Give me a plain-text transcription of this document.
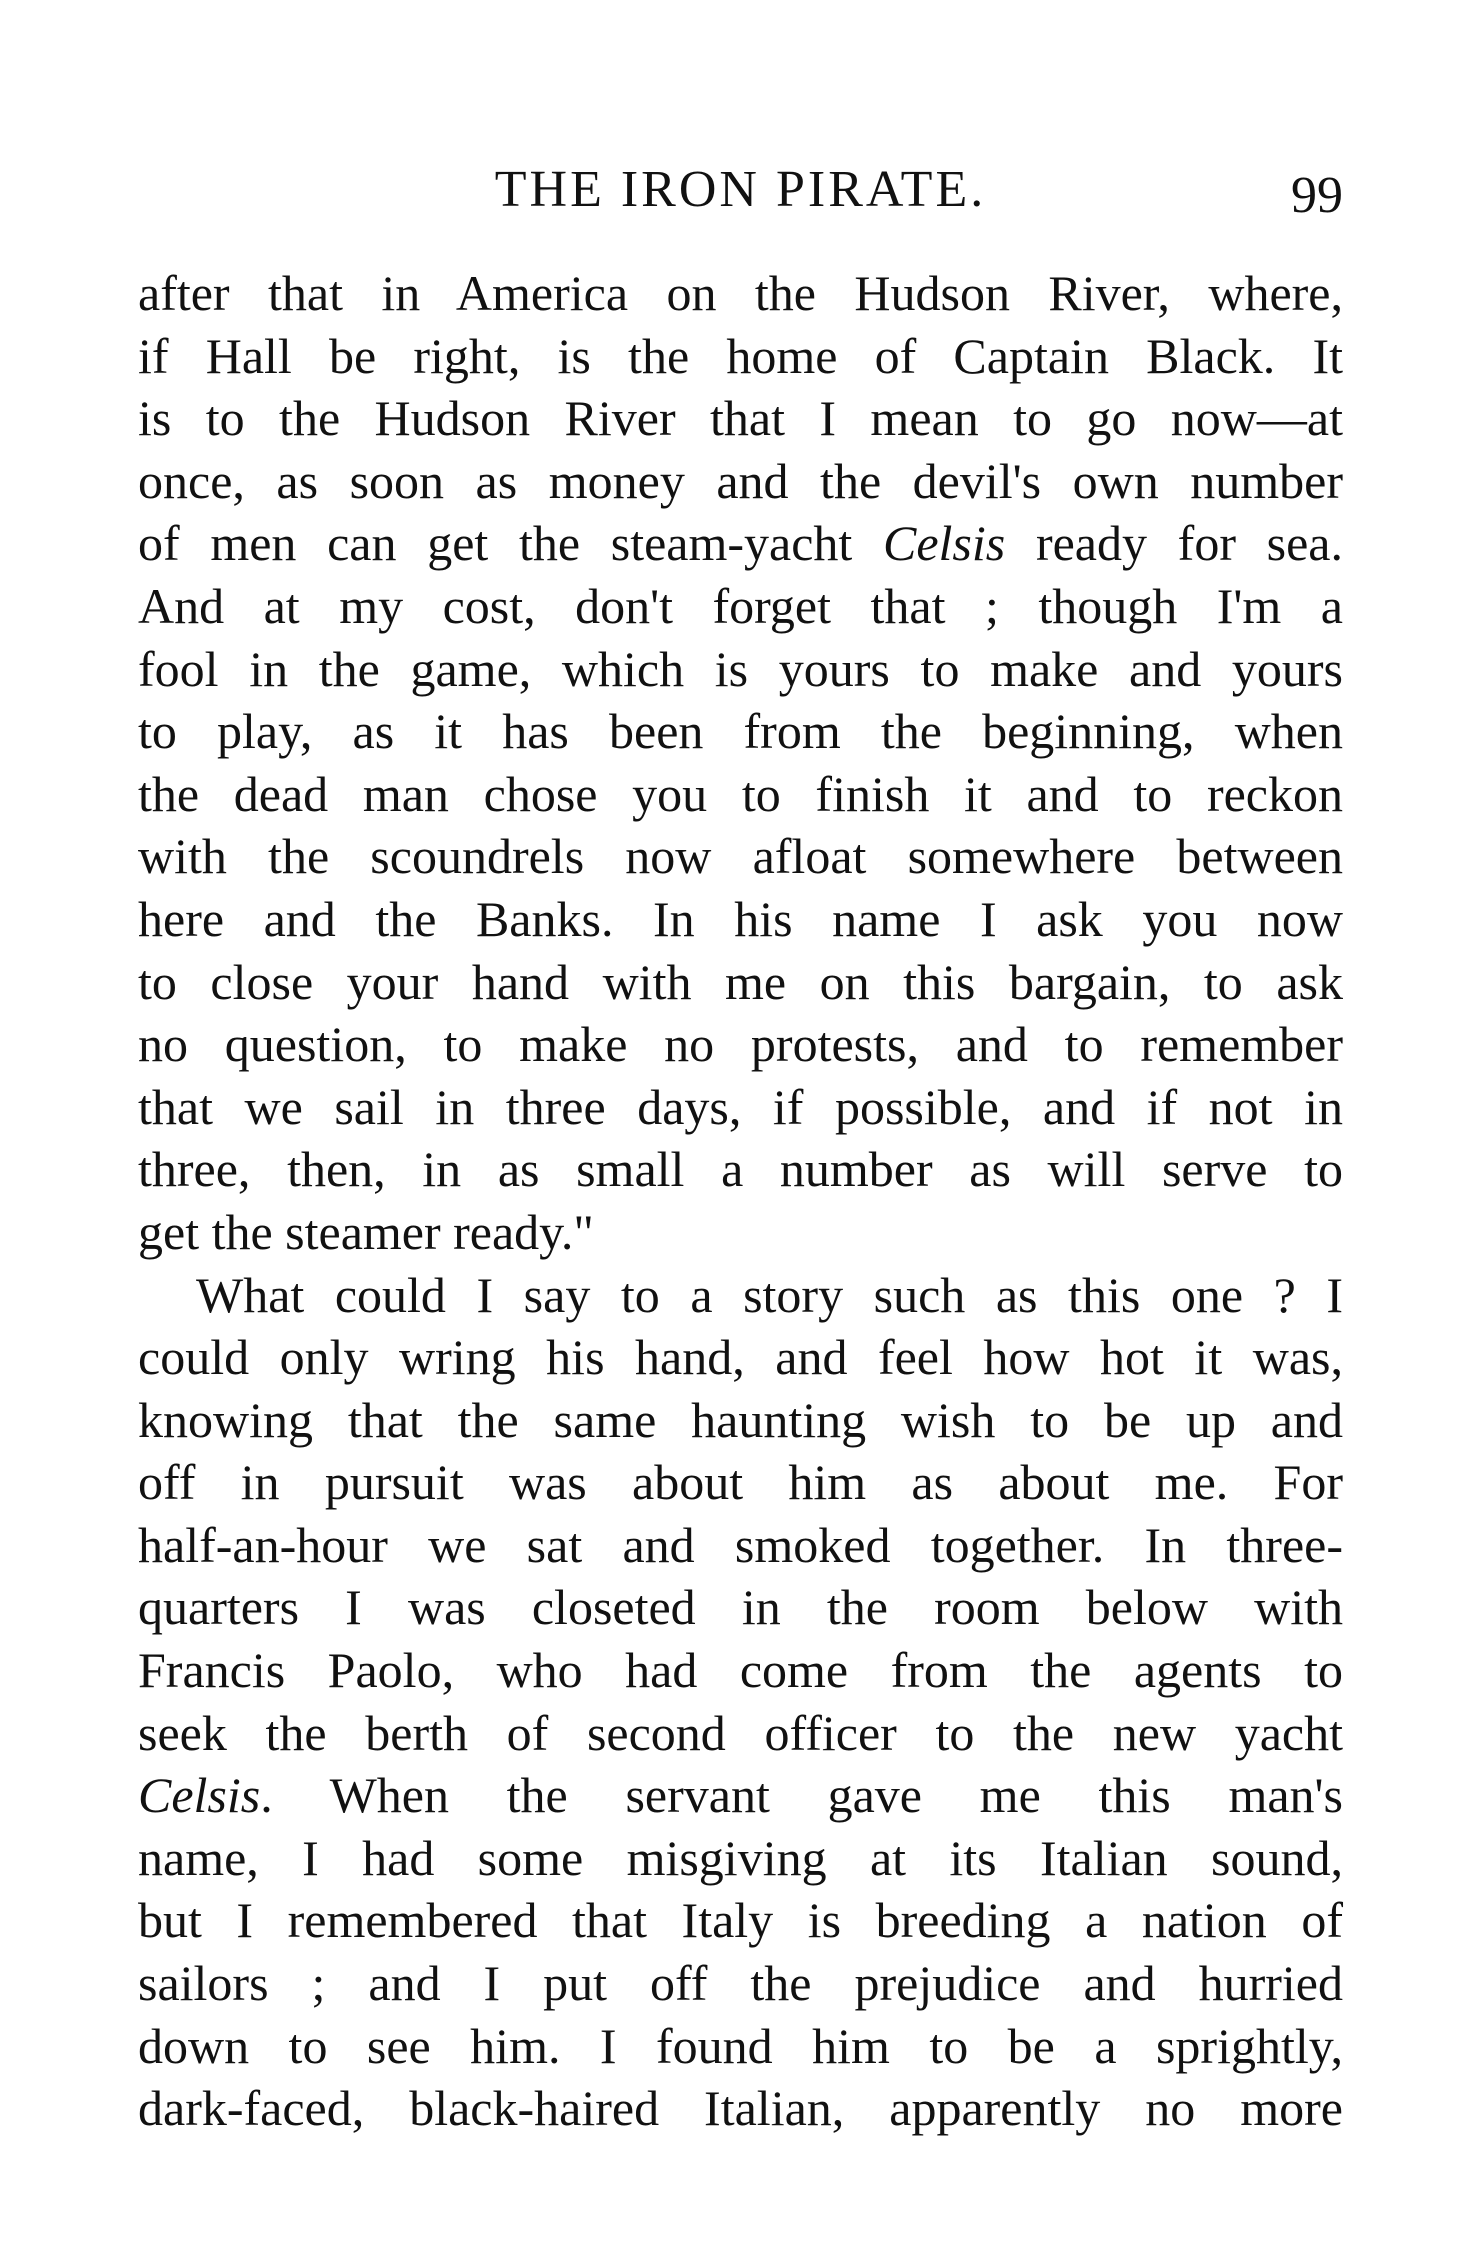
THE IRON PIRATE.	99
after that in America on the Hudson River, where,
if Hall be right, is the home of Captain Black. It
is to the Hudson River that I mean to go now—at
once, as soon as money and the devil's own number
of men can get the steam-yacht Celsis ready for sea.
And at my cost, don't forget that ; though I'm a
fool in the game, which is yours to make and yours
to play, as it has been from the beginning, when
the dead man chose you to finish it and to reckon
with the scoundrels now afloat somewhere between
here and the Banks. In his name I ask you now
to close your hand with me on this bargain, to ask
no question, to make no protests, and to remember
that we sail in three days, if possible, and if not in
three, then, in as small a number as will serve to
get the steamer ready."
What could I say to a story such as this one ? I
could only wring his hand, and feel how hot it was,
knowing that the same haunting wish to be up and
off in pursuit was about him as about me. For
half-an-hour we sat and smoked together. In three-
quarters I was closeted in the room below with
Francis Paolo, who had come from the agents to
seek the berth of second officer to the new yacht
Celsis. When the servant gave me this man's
name, I had some misgiving at its Italian sound,
but I remembered that Italy is breeding a nation of
sailors ; and I put off the prejudice and hurried
down to see him. I found him to be a sprightly,
dark-faced, black-haired Italian, apparently no more
